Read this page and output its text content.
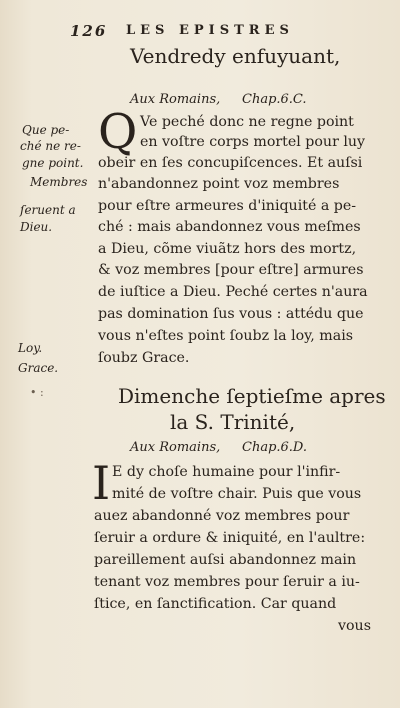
126 LES EPISTRES
Vendredy enfuyuant,
Aux Romains, Chap.6.C.
Que pe-
ché ne re-
gne point.
Membres
ſeruent a
Dieu.
Loy.
Grace.
Q Ve peché donc ne regne point
en voſtre corps mortel pour luy
obeir en ſes concupiſcences. Et auſsi
n'abandonnez point voz membres
pour eſtre armeures d'iniquité a pe-
ché : mais abandonnez vous meſmes
a Dieu, cõme viuãtz hors des mortz,
& voz membres [pour eſtre] armures
de iuſtice a Dieu. Peché certes n'aura
pas domination ſus vous : attédu que
vous n'eſtes point ſoubz la loy, mais
ſoubz Grace.
• :	Dimenche ſeptieſme apres
la S. Trinité,
Aux Romains, Chap.6.D.
I E dy choſe humaine pour l'infir-
mité de voſtre chair. Puis que vous
auez abandonné voz membres pour
ſeruir a ordure & iniquité, en l'aultre:
pareillement auſsi abandonnez main
tenant voz membres pour ſeruir a iu-
ſtice, en ſanctification. Car quand
vous
